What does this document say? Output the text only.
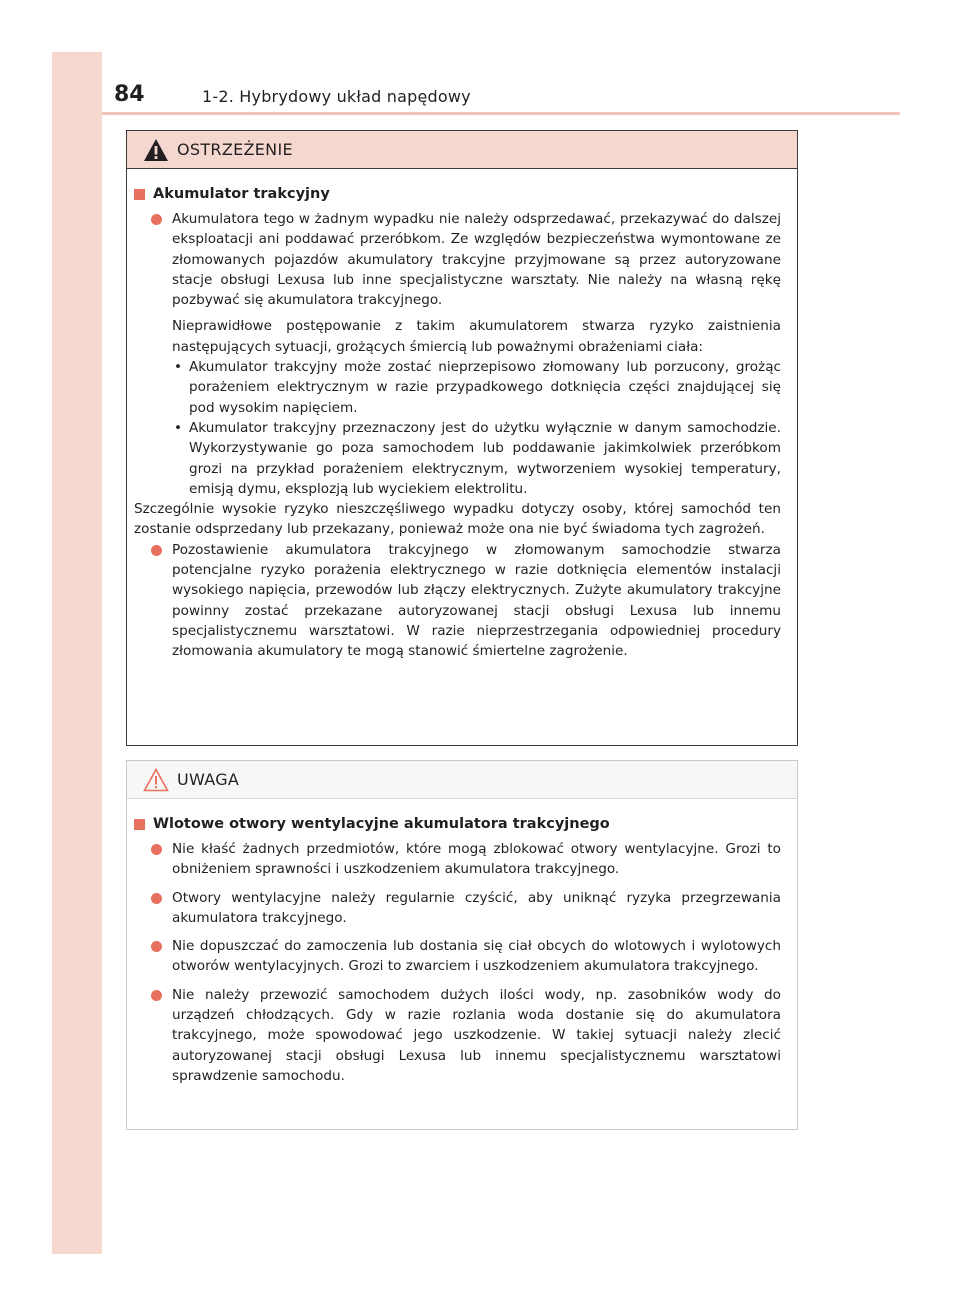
84	1-2. Hybrydowy układ napędowy
OSTRZEŻENIE
Akumulator trakcyjny

Akumulatora tego w żadnym wypadku nie należy odsprzedawać, przekazywać do dalszej eksploatacji ani poddawać przeróbkom. Ze względów bezpieczeństwa wymontowane ze złomowanych pojazdów akumulatory trakcyjne przyjmowane są przez autoryzowane stacje obsługi Lexusa lub inne specjalistyczne warsztaty. Nie należy na własną rękę pozbywać się akumulatora trakcyjnego.

Nieprawidłowe postępowanie z takim akumulatorem stwarza ryzyko zaistnienia następujących sytuacji, grożących śmiercią lub poważnymi obrażeniami ciała:

• Akumulator trakcyjny może zostać nieprzepisowo złomowany lub porzucony, grożąc porażeniem elektrycznym w razie przypadkowego dotknięcia części znajdującej się pod wysokim napięciem.
• Akumulator trakcyjny przeznaczony jest do użytku wyłącznie w danym samochodzie. Wykorzystywanie go poza samochodem lub poddawanie jakimkolwiek przeróbkom grozi na przykład porażeniem elektrycznym, wytworzeniem wysokiej temperatury, emisją dymu, eksplozją lub wyciekiem elektrolitu.

Szczególnie wysokie ryzyko nieszczęśliwego wypadku dotyczy osoby, której samochód ten zostanie odsprzedany lub przekazany, ponieważ może ona nie być świadoma tych zagrożeń.

Pozostawienie akumulatora trakcyjnego w złomowanym samochodzie stwarza potencjalne ryzyko porażenia elektrycznego w razie dotknięcia elementów instalacji wysokiego napięcia, przewodów lub złączy elektrycznych. Zużyte akumulatory trakcyjne powinny zostać przekazane autoryzowanej stacji obsługi Lexusa lub innemu specjalistycznemu warsztatowi. W razie nieprzestrzegania odpowiedniej procedury złomowania akumulatory te mogą stanowić śmiertelne zagrożenie.

UWAGA
Wlotowe otwory wentylacyjne akumulatora trakcyjnego

Nie kłaść żadnych przedmiotów, które mogą zblokować otwory wentylacyjne. Grozi to obniżeniem sprawności i uszkodzeniem akumulatora trakcyjnego.

Otwory wentylacyjne należy regularnie czyścić, aby uniknąć ryzyka przegrzewania akumulatora trakcyjnego.

Nie dopuszczać do zamoczenia lub dostania się ciał obcych do wlotowych i wylotowych otworów wentylacyjnych. Grozi to zwarciem i uszkodzeniem akumulatora trakcyjnego.

Nie należy przewozić samochodem dużych ilości wody, np. zasobników wody do urządzeń chłodzących. Gdy w razie rozlania woda dostanie się do akumulatora trakcyjnego, może spowodować jego uszkodzenie. W takiej sytuacji należy zlecić autoryzowanej stacji obsługi Lexusa lub innemu specjalistycznemu warsztatowi sprawdzenie samochodu.
